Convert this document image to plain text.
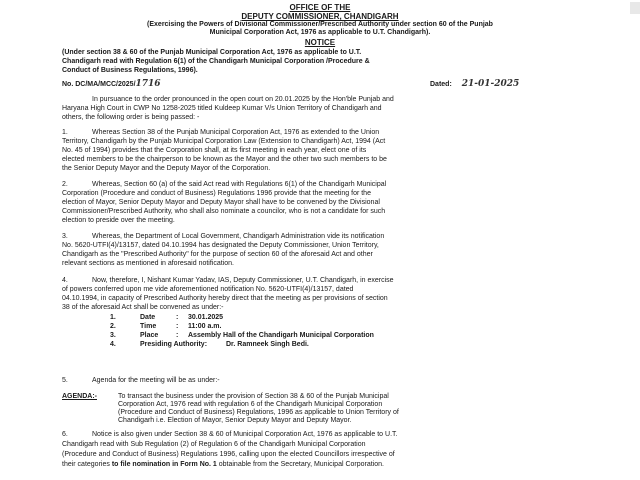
OFFICE OF THE
DEPUTY COMMISSIONER, CHANDIGARH
(Exercising the Powers of Divisional Commissioner/Prescribed Authority under section 60 of the Punjab
Municipal Corporation Act, 1976 as applicable to U.T. Chandigarh).
NOTICE
(Under section 38 & 60 of the Punjab Municipal Corporation Act, 1976 as applicable to U.T.
Chandigarh read with Regulation 6(1) of the Chandigarh Municipal Corporation /Procedure &
Conduct of Business Regulations, 1996).
No. DC/MA/MCC/2025/1716	Dated: 21-01-2025
In pursuance to the order pronounced in the open court on 20.01.2025 by the Hon'ble Punjab and
Haryana High Court in CWP No 1258-2025 titled Kuldeep Kumar V/s Union Territory of Chandigarh and
others, the following order is being passed: -
1.	Whereas Section 38 of the Punjab Municipal Corporation Act, 1976 as extended to the Union
Territory, Chandigarh by the Punjab Municipal Corporation Law (Extension to Chandigarh) Act, 1994 (Act
No. 45 of 1994) provides that the Corporation shall, at its first meeting in each year, elect one of its
elected members to be the chairperson to be known as the Mayor and the other two such members to be
the Senior Deputy Mayor and the Deputy Mayor of the Corporation.
2.	Whereas, Section 60 (a) of the said Act read with Regulations 6(1) of the Chandigarh Municipal
Corporation (Procedure and conduct of Business) Regulations 1996 provide that the meeting for the
election of Mayor, Senior Deputy Mayor and Deputy Mayor shall have to be convened by the Divisional
Commissioner/Prescribed Authority, who shall also nominate a councilor, who is not a candidate for such
election to preside over the meeting.
3.	Whereas, the Department of Local Government, Chandigarh Administration vide its notification
No. 5620-UTFI(4)/13157, dated 04.10.1994 has designated the Deputy Commissioner, Union Territory,
Chandigarh as the "Prescribed Authority" for the purpose of section 60 of the aforesaid Act and other
relevant sections as mentioned in aforesaid notification.
4.	Now, therefore, I, Nishant Kumar Yadav, IAS, Deputy Commissioner, U.T. Chandigarh, in exercise
of powers conferred upon me vide aforementioned notification No. 5620-UTFI(4)/13157, dated
04.10.1994, in capacity of Prescribed Authority hereby direct that the meeting as per provisions of section
38 of the aforesaid Act shall be convened as under:-
1.	Date	: 30.01.2025
2.	Time	: 11:00 a.m.
3.	Place	: Assembly Hall of the Chandigarh Municipal Corporation
4.	Presiding Authority:	Dr. Ramneek Singh Bedi.
5.	Agenda for the meeting will be as under:-
AGENDA:-	To transact the business under the provision of Section 38 & 60 of the Punjab Municipal
Corporation Act, 1976 read with regulation 6 of the Chandigarh Municipal Corporation
(Procedure and Conduct of Business) Regulations, 1996 as applicable to Union Territory of
Chandigarh i.e. Election of Mayor, Senior Deputy Mayor and Deputy Mayor.
6.	Notice is also given under Section 38 & 60 of Municipal Corporation Act, 1976 as applicable to U.T.
Chandigarh read with Sub Regulation (2) of Regulation 6 of the Chandigarh Municipal Corporation
(Procedure and Conduct of Business) Regulations 1996, calling upon the elected Councillors irrespective of
their categories to file nomination in Form No. 1 obtainable from the Secretary, Municipal Corporation.
